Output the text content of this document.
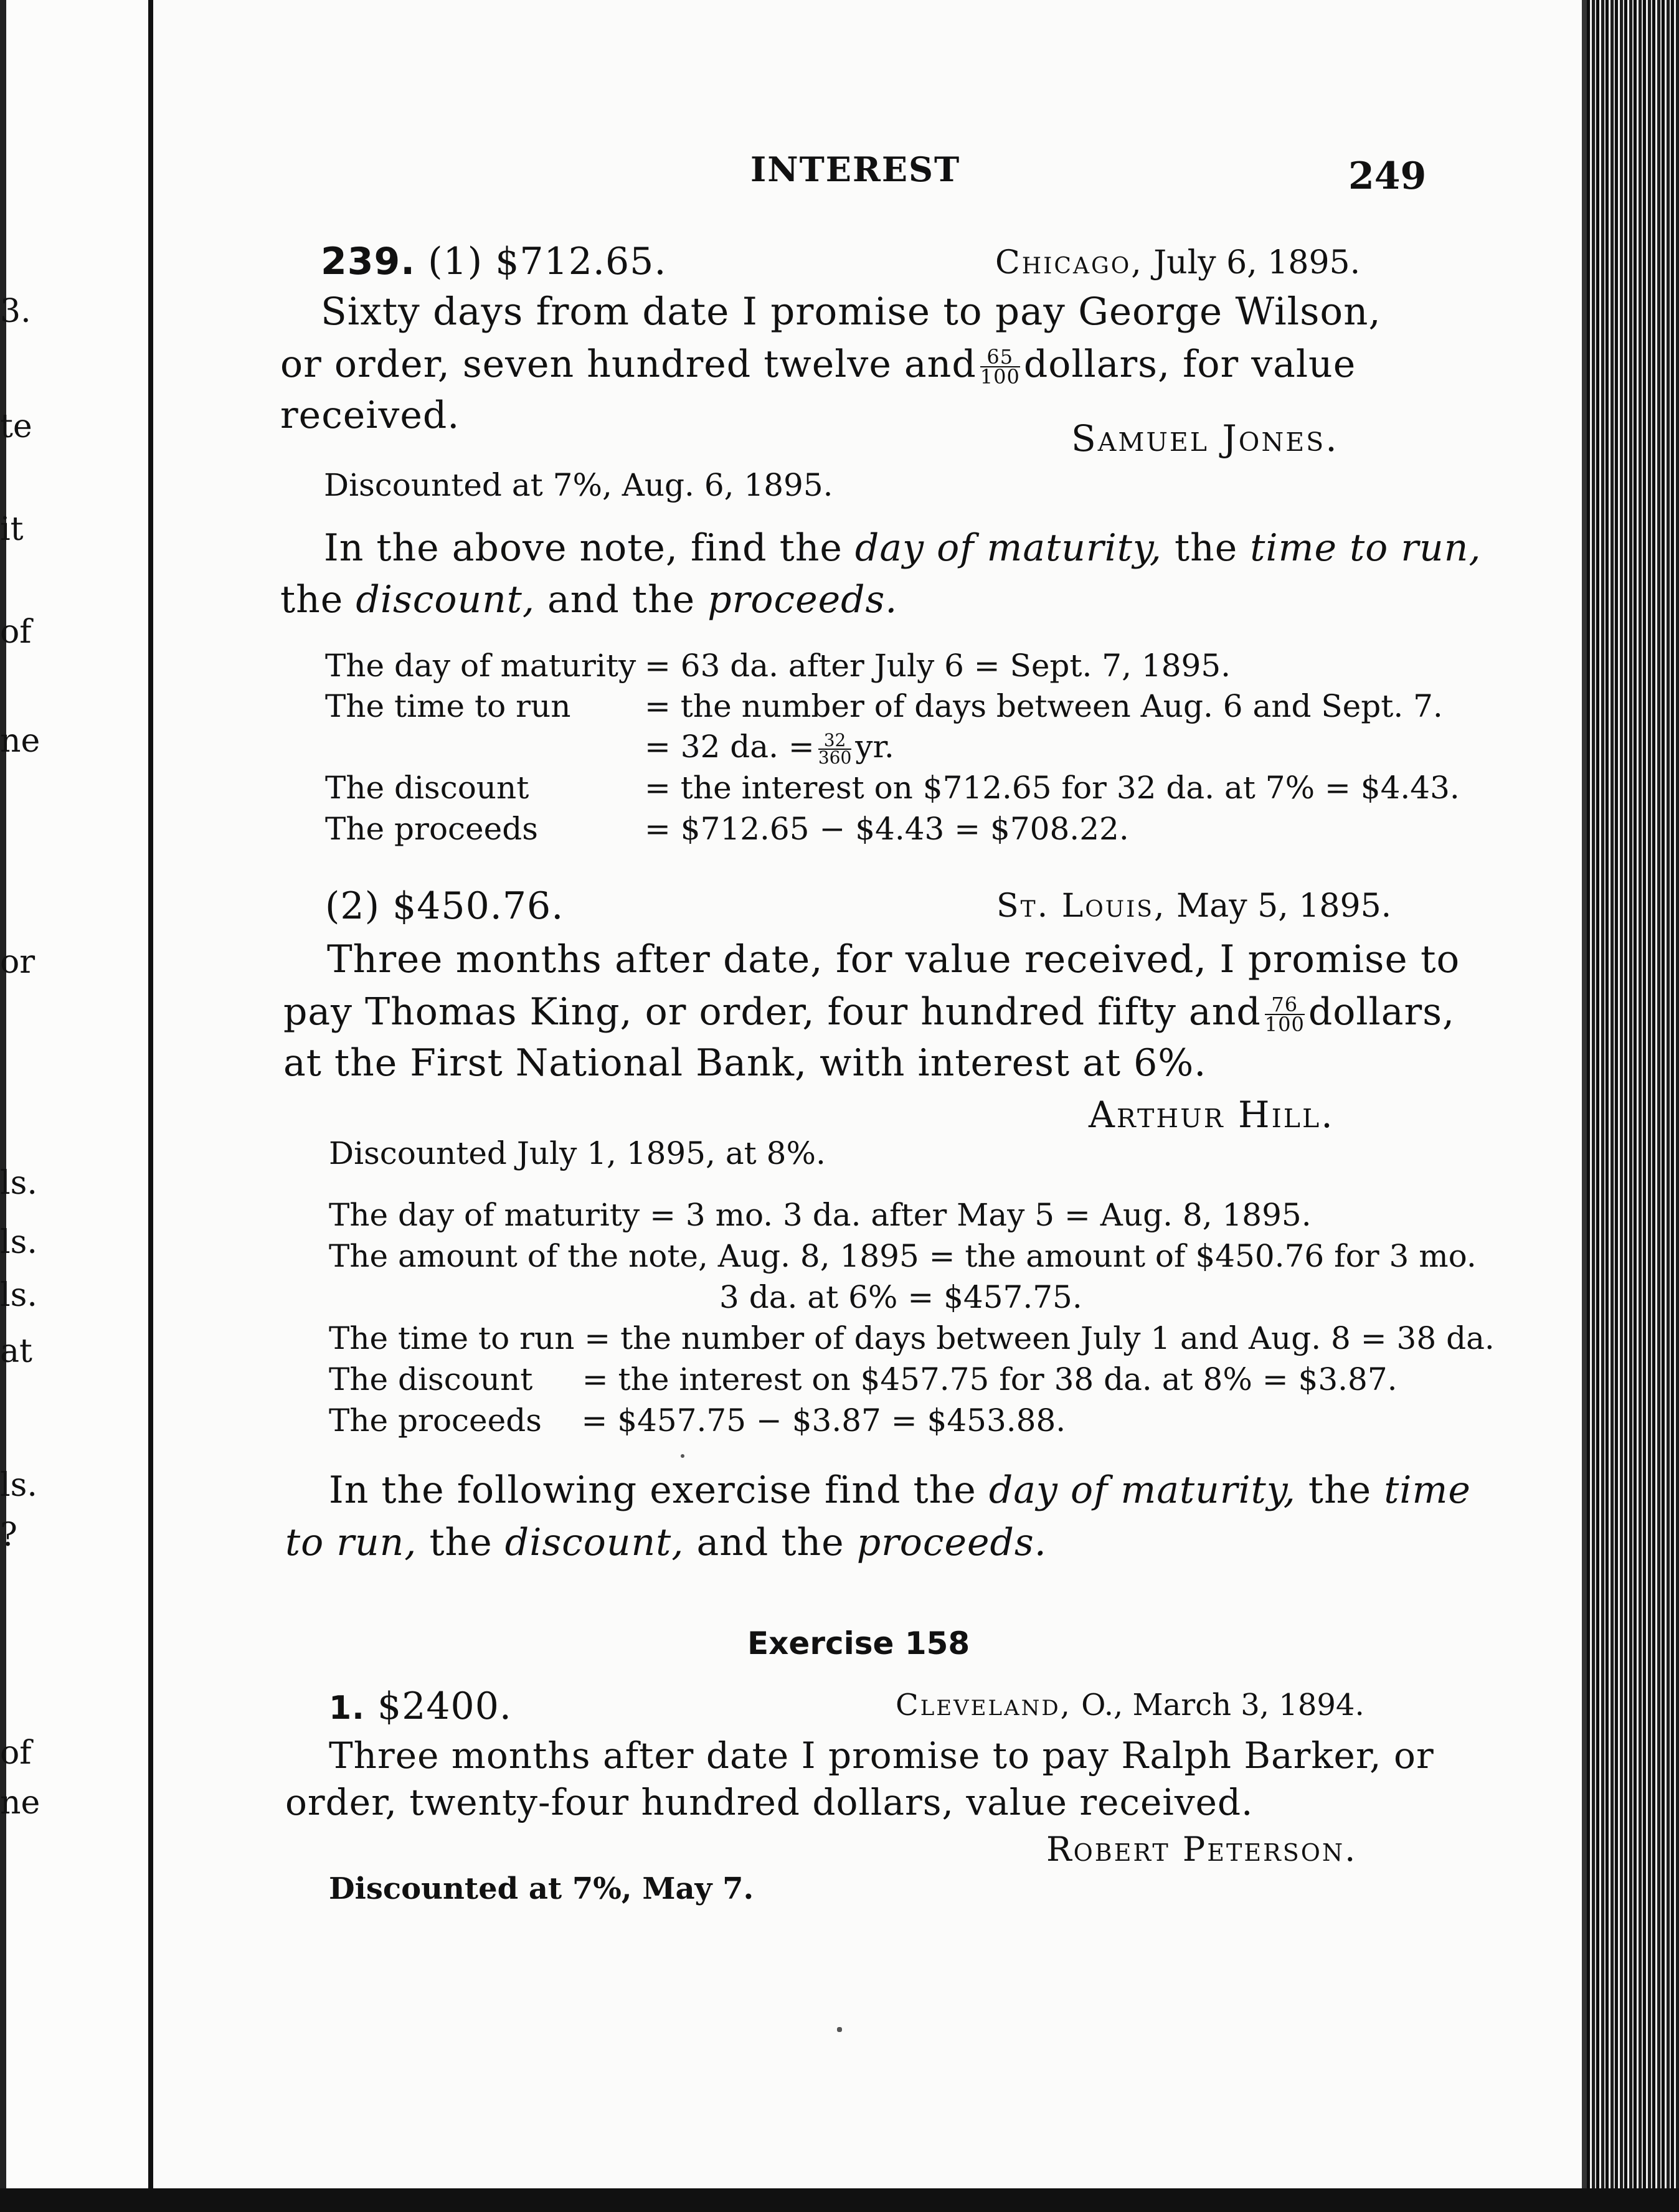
3.

te

it

of

ne

or

ls.

ls.

ls.

at

ls.

?

of

ne

INTEREST	249

239. (1) $712.65.	Chicago, July 6, 1895.

Sixty days from date I promise to pay George Wilson,

or order, seven hundred twelve and $\frac{65}{100}$ dollars, for value

received.

Samuel Jones.

Discounted at 7%, Aug. 6, 1895.

In the above note, find the day of maturity, the time to run,

the discount, and the proceeds.

The day of maturity = 63 da. after July 6 = Sept. 7, 1895.

The time to run = the number of days between Aug. 6 and Sept. 7.

= 32 da. = $\frac{32}{360}$ yr.

The discount	= the interest on $712.65 for 32 da. at 7% = $4.43.

The proceeds	= $712.65 − $4.43 = $708.22.

(2) $450.76.	St. Louis, May 5, 1895.

Three months after date, for value received, I promise to

pay Thomas King, or order, four hundred fifty and $\frac{76}{100}$ dollars,

at the First National Bank, with interest at 6%.

Arthur Hill.

Discounted July 1, 1895, at 8%.

The day of maturity = 3 mo. 3 da. after May 5 = Aug. 8, 1895.

The amount of the note, Aug. 8, 1895 = the amount of $450.76 for 3 mo.

3 da. at 6% = $457.75.

The time to run = the number of days between July 1 and Aug. 8 = 38 da.

The discount     = the interest on $457.75 for 38 da. at 8% = $3.87.

The proceeds    = $457.75 − $3.87 = $453.88.

In the following exercise find the day of maturity, the time

to run, the discount, and the proceeds.

Exercise 158

1. $2400.	Cleveland, O., March 3, 1894.

Three months after date I promise to pay Ralph Barker, or

order, twenty-four hundred dollars, value received.

Robert Peterson.

Discounted at 7%, May 7.
